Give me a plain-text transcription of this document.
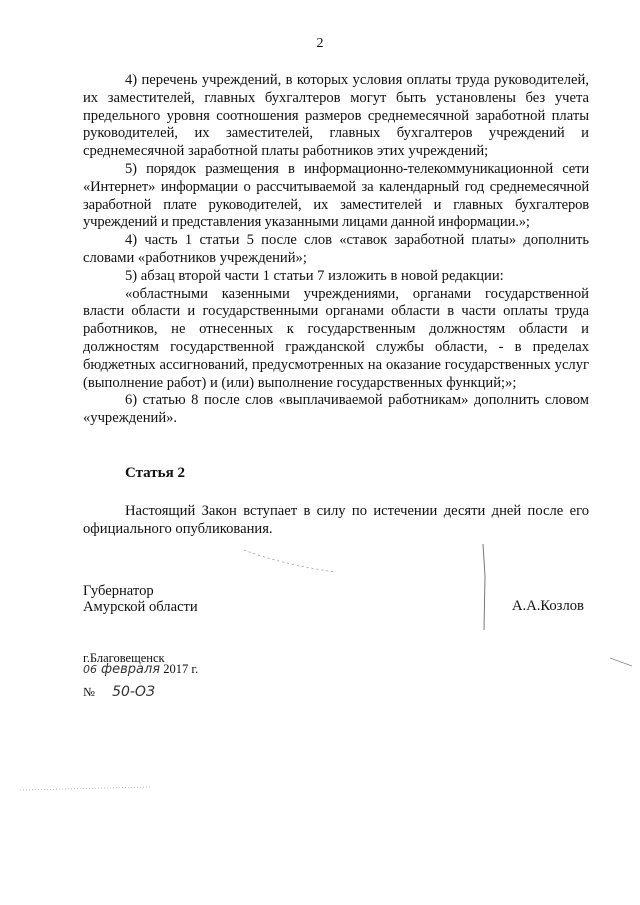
2

4) перечень учреждений, в которых условия оплаты труда руководителей, их заместителей, главных бухгалтеров могут быть установлены без учета предельного уровня соотношения размеров среднемесячной заработной платы руководителей, их заместителей, главных бухгалтеров учреждений и среднемесячной заработной платы работников этих учреждений;

5) порядок размещения в информационно-телекоммуникационной сети «Интернет» информации о рассчитываемой за календарный год среднемесячной заработной плате руководителей, их заместителей и главных бухгалтеров учреждений и представления указанными лицами данной информации.»;

4) часть 1 статьи 5 после слов «ставок заработной платы» дополнить словами «работников учреждений»;

5) абзац второй части 1 статьи 7 изложить в новой редакции:

«областными казенными учреждениями, органами государственной власти области и государственными органами области в части оплаты труда работников, не отнесенных к государственным должностям области и должностям государственной гражданской службы области, - в пределах бюджетных ассигнований, предусмотренных на оказание государственных услуг (выполнение работ) и (или) выполнение государственных функций;»;

6) статью 8 после слов «выплачиваемой работникам» дополнить словом «учреждений».

Статья 2

Настоящий Закон вступает в силу по истечении десяти дней после его официального опубликования.

Губернатор
Амурской области	А.А.Козлов
г.Благовещенск
06 февраля 2017 г.
№ 50-ОЗ
